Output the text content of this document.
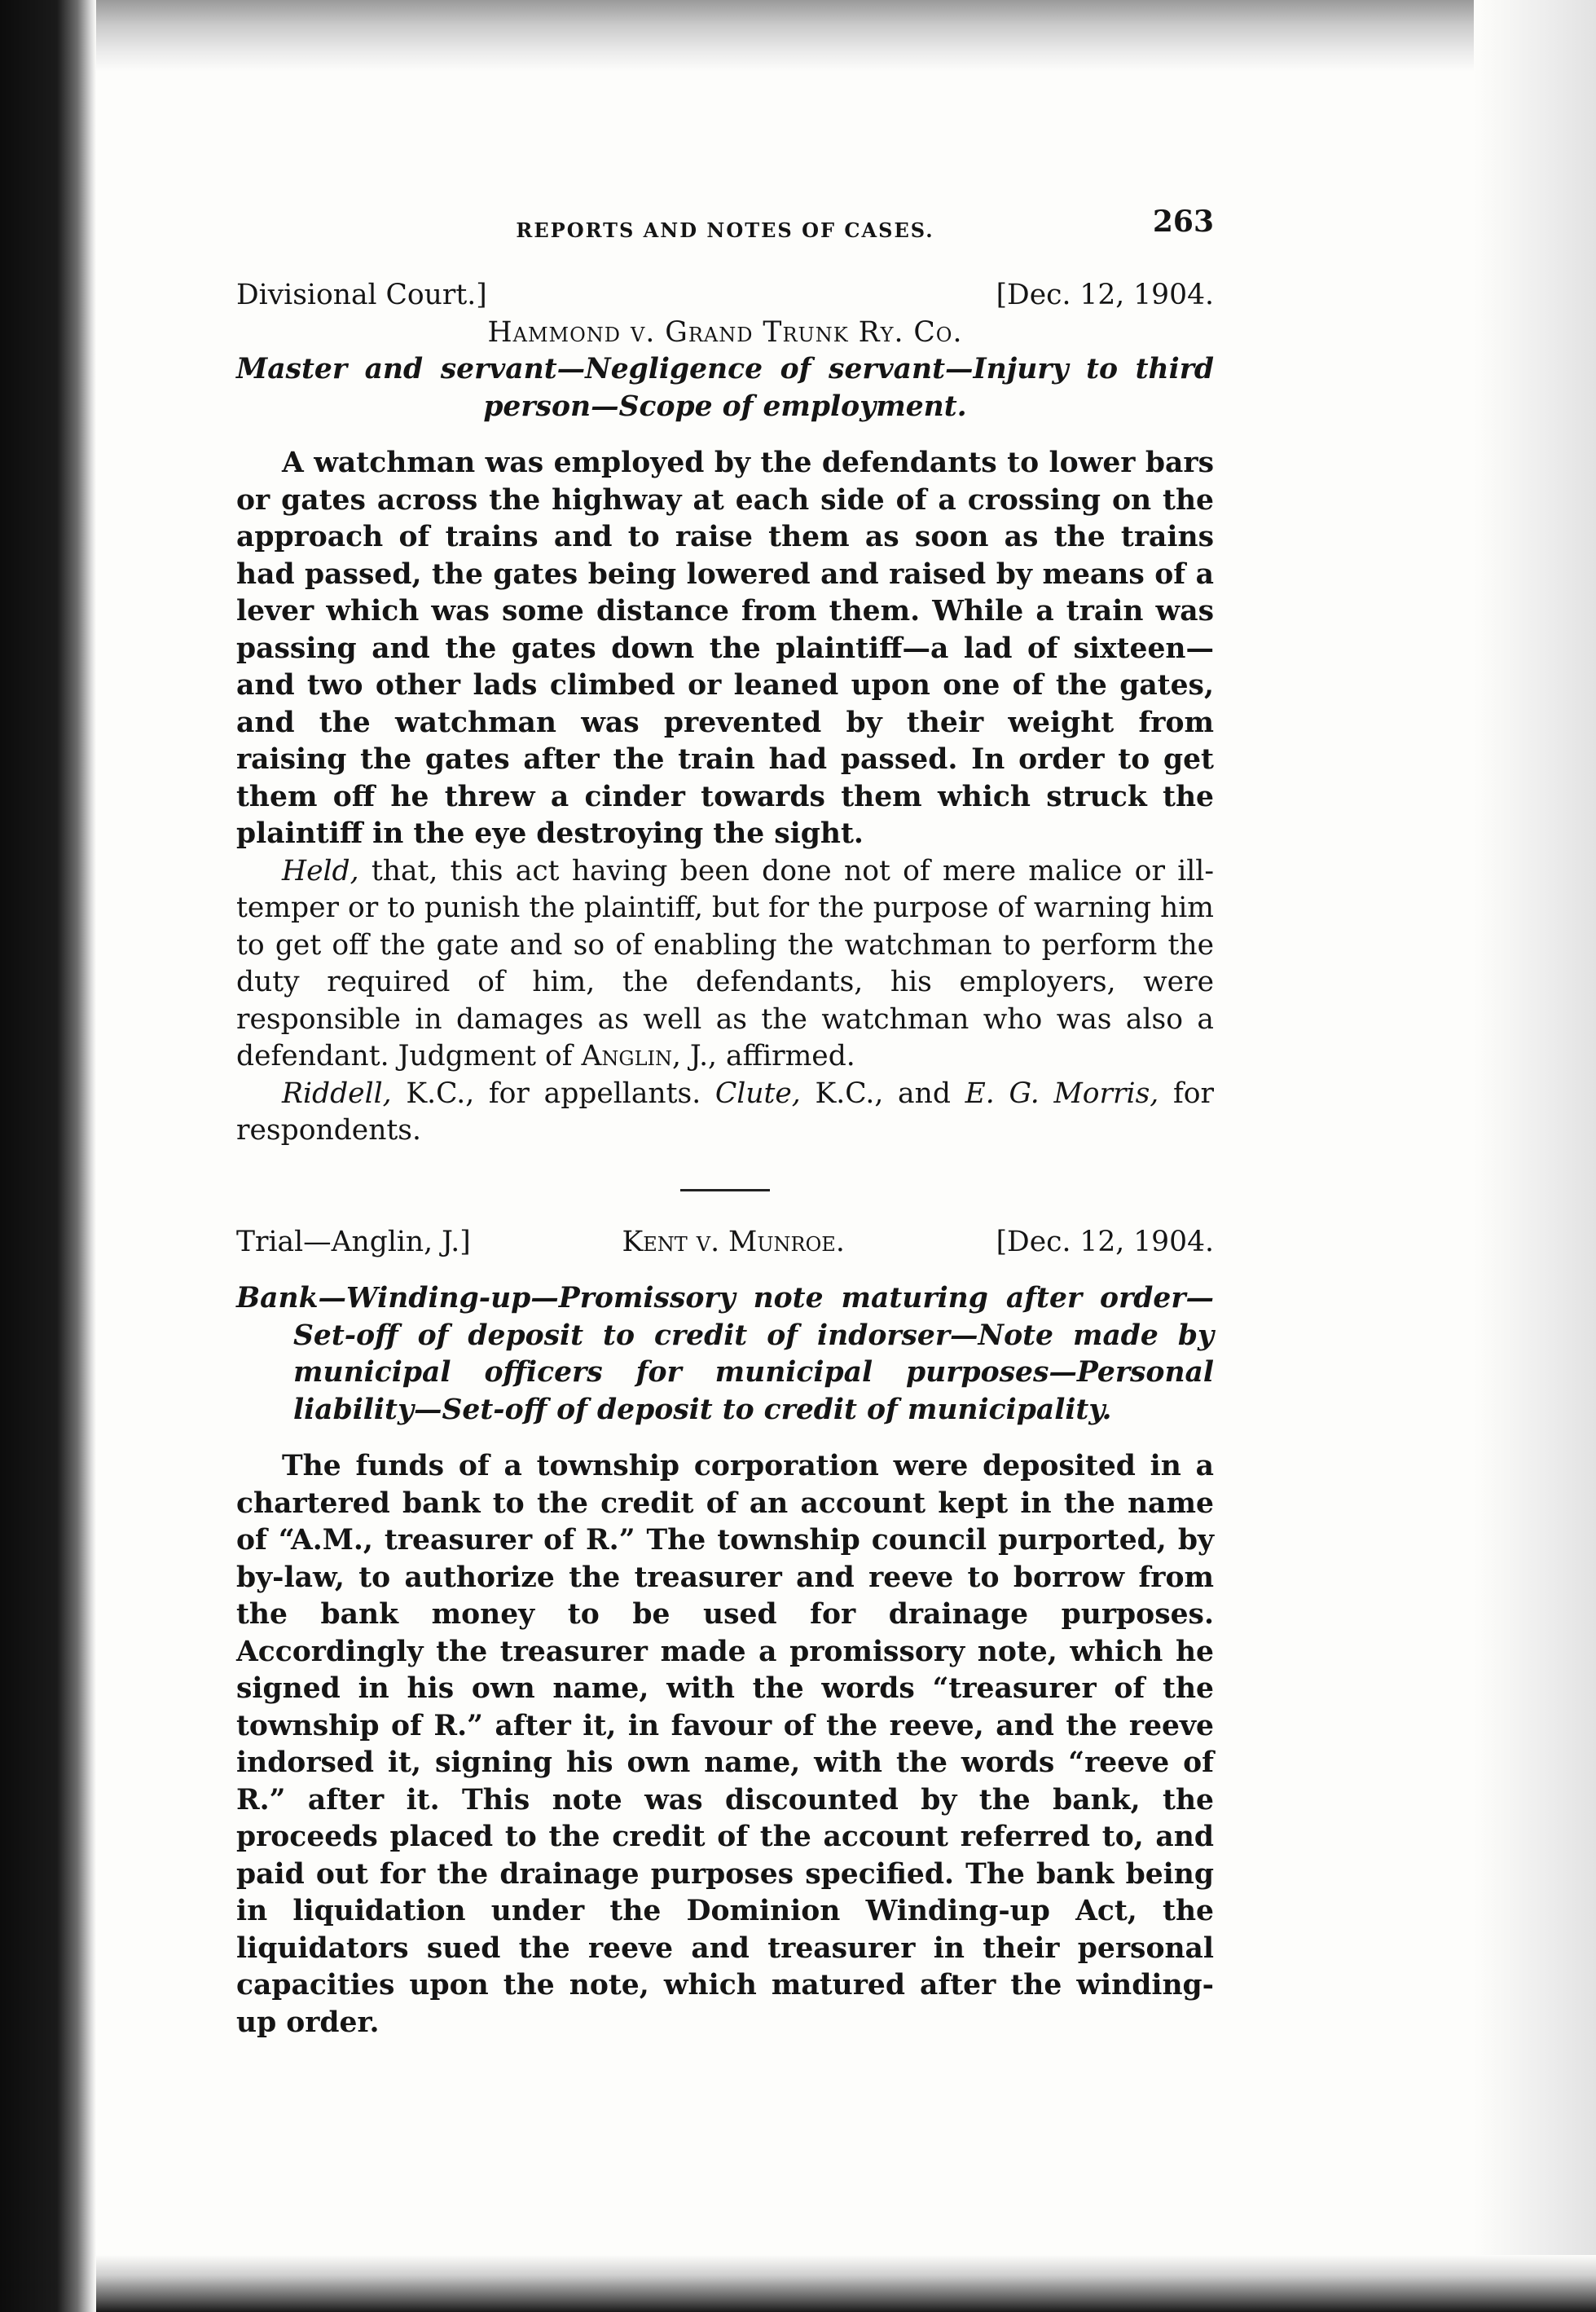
REPORTS AND NOTES OF CASES.	263
Divisional Court.]	[Dec. 12, 1904.
Hammond v. Grand Trunk Ry. Co.
Master and servant—Negligence of servant—Injury to third person—Scope of employment.

A watchman was employed by the defendants to lower bars or gates across the highway at each side of a crossing on the approach of trains and to raise them as soon as the trains had passed, the gates being lowered and raised by means of a lever which was some distance from them. While a train was passing and the gates down the plaintiff—a lad of sixteen—and two other lads climbed or leaned upon one of the gates, and the watchman was prevented by their weight from raising the gates after the train had passed. In order to get them off he threw a cinder towards them which struck the plaintiff in the eye destroying the sight.

Held, that, this act having been done not of mere malice or ill-temper or to punish the plaintiff, but for the purpose of warning him to get off the gate and so of enabling the watchman to perform the duty required of him, the defendants, his employers, were responsible in damages as well as the watchman who was also a defendant. Judgment of Anglin, J., affirmed.

Riddell, K.C., for appellants. Clute, K.C., and E. G. Morris, for respondents.

Trial—Anglin, J.]	Kent v. Munroe.	[Dec. 12, 1904.
Bank—Winding-up—Promissory note maturing after order—Set-off of deposit to credit of indorser—Note made by municipal officers for municipal purposes—Personal liability—Set-off of deposit to credit of municipality.

The funds of a township corporation were deposited in a chartered bank to the credit of an account kept in the name of “A.M., treasurer of R.” The township council purported, by by-law, to authorize the treasurer and reeve to borrow from the bank money to be used for drainage purposes. Accordingly the treasurer made a promissory note, which he signed in his own name, with the words “treasurer of the township of R.” after it, in favour of the reeve, and the reeve indorsed it, signing his own name, with the words “reeve of R.” after it. This note was discounted by the bank, the proceeds placed to the credit of the account referred to, and paid out for the drainage purposes specified. The bank being in liquidation under the Dominion Winding-up Act, the liquidators sued the reeve and treasurer in their personal capacities upon the note, which matured after the winding-up order.
